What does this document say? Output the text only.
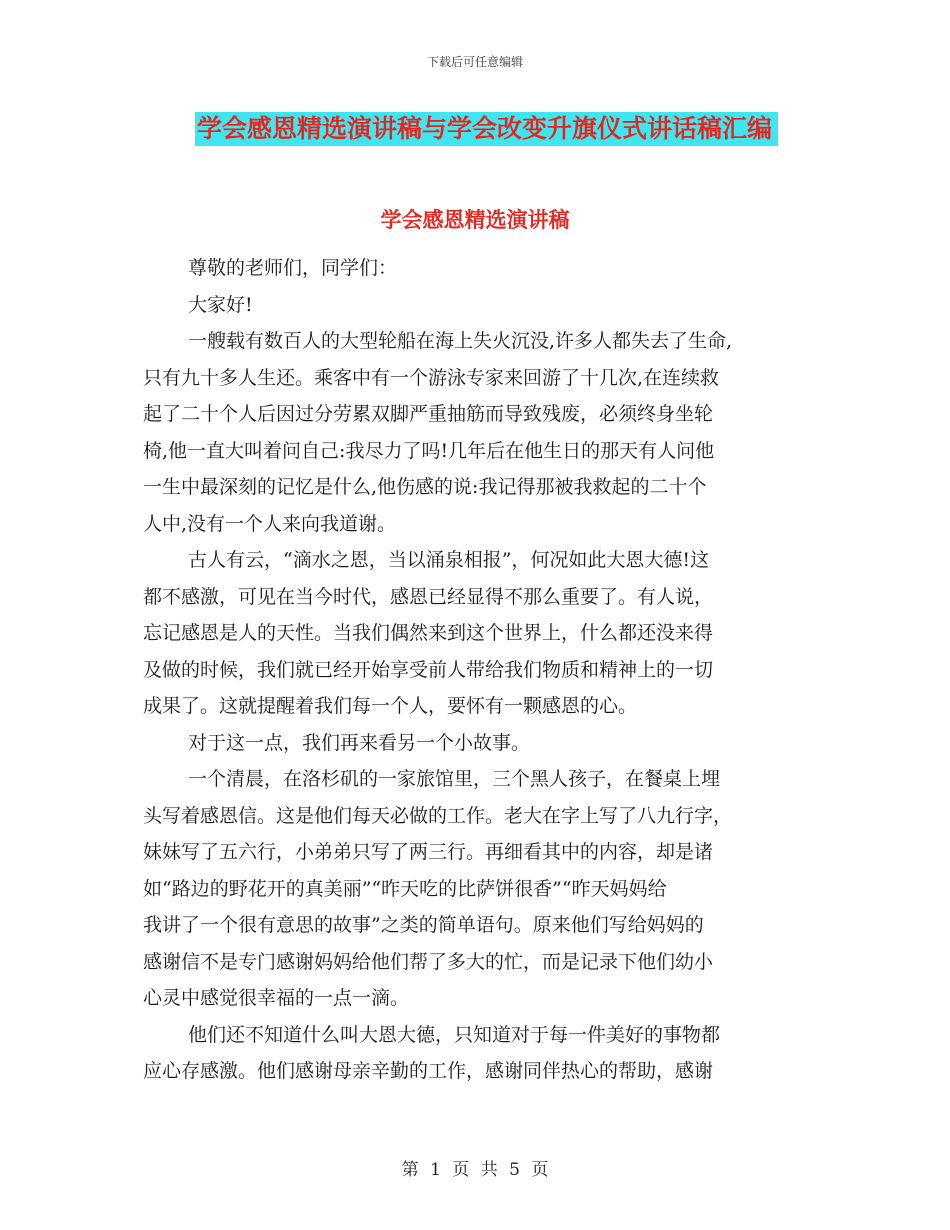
下载后可任意编辑
学会感恩精选演讲稿与学会改变升旗仪式讲话稿汇编
学会感恩精选演讲稿
尊敬的老师们，同学们：
大家好!
一艘载有数百人的大型轮船在海上失火沉没,许多人都失去了生命,
只有九十多人生还。乘客中有一个游泳专家来回游了十几次,在连续救
起了二十个人后因过分劳累双脚严重抽筋而导致残废，必须终身坐轮
椅,他一直大叫着问自己:我尽力了吗!几年后在他生日的那天有人问他
一生中最深刻的记忆是什么,他伤感的说:我记得那被我救起的二十个
人中,没有一个人来向我道谢。
古人有云，“滴水之恩，当以涌泉相报”，何况如此大恩大德!这
都不感激，可见在当今时代，感恩已经显得不那么重要了。有人说，
忘记感恩是人的天性。当我们偶然来到这个世界上，什么都还没来得
及做的时候，我们就已经开始享受前人带给我们物质和精神上的一切
成果了。这就提醒着我们每一个人，要怀有一颗感恩的心。
对于这一点，我们再来看另一个小故事。
一个清晨，在洛杉矶的一家旅馆里，三个黑人孩子，在餐桌上埋
头写着感恩信。这是他们每天必做的工作。老大在字上写了八九行字，
妹妹写了五六行，小弟弟只写了两三行。再细看其中的内容，却是诸
如“路边的野花开的真美丽”“昨天吃的比萨饼很香”“昨天妈妈给
我讲了一个很有意思的故事”之类的简单语句。原来他们写给妈妈的
感谢信不是专门感谢妈妈给他们帮了多大的忙，而是记录下他们幼小
心灵中感觉很幸福的一点一滴。
他们还不知道什么叫大恩大德，只知道对于每一件美好的事物都
应心存感激。他们感谢母亲辛勤的工作，感谢同伴热心的帮助，感谢
第 1 页 共 5 页
